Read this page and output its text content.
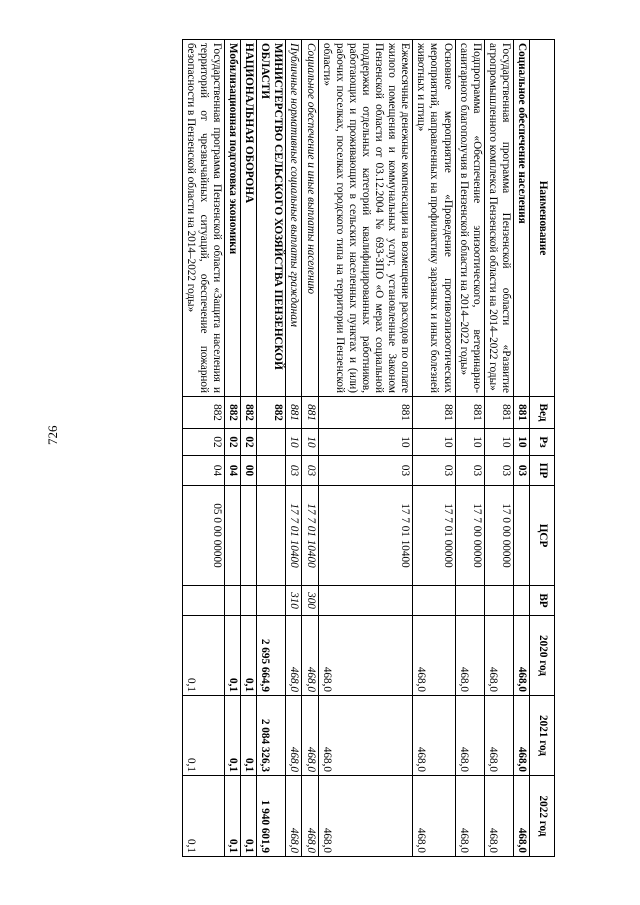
726
Наименование	Вед	Рз	ПР	ЦСР	ВР	2020 год	2021 год	2022 год
Социальное обеспечение населения	881	10	03			468,0	468,0	468,0
Государственная программа Пензенской области «Развитие агропромышленного комплекса Пензенской области на 2014–2022 годы»	881	10	03	17 0 00 00000		468,0	468,0	468,0
Подпрограмма «Обеспечение эпизоотического, ветеринарно-санитарного благополучия в Пензенской области на 2014–2022 годы»	881	10	03	17 7 00 00000		468,0	468,0	468,0
Основное мероприятие «Проведение противоэпизоотических мероприятий, направленных на профилактику заразных и иных болезней животных и птиц»	881	10	03	17 7 01 00000		468,0	468,0	468,0
Ежемесячные денежные компенсации на возмещение расходов по оплате жилого помещения и коммунальных услуг, установленные Законом Пензенской области от 03.12.2004 № 693-ЗПО «О мерах социальной поддержки отдельных категорий квалифицированных работников, работающих и проживающих в сельских населенных пунктах и (или) рабочих поселках, поселках городского типа на территории Пензенской области»	881	10	03	17 7 01 10400		468,0	468,0	468,0
Социальное обеспечение и иные выплаты населению	881	10	03	17 7 01 10400	300	468,0	468,0	468,0
Публичные нормативные социальные выплаты гражданам	881	10	03	17 7 01 10400	310	468,0	468,0	468,0
МИНИСТЕРСТВО СЕЛЬСКОГО ХОЗЯЙСТВА ПЕНЗЕНСКОЙ ОБЛАСТИ	882					2 695 664,9	2 084 326,3	1 940 601,9
НАЦИОНАЛЬНАЯ ОБОРОНА	882	02	00			0,1	0,1	0,1
Мобилизационная подготовка экономики	882	02	04			0,1	0,1	0,1
Государственная программа Пензенской области «Защита населения и территорий от чрезвычайных ситуаций, обеспечение пожарной безопасности в Пензенской области на 2014–2022 годы»	882	02	04	05 0 00 00000		0,1	0,1	0,1
